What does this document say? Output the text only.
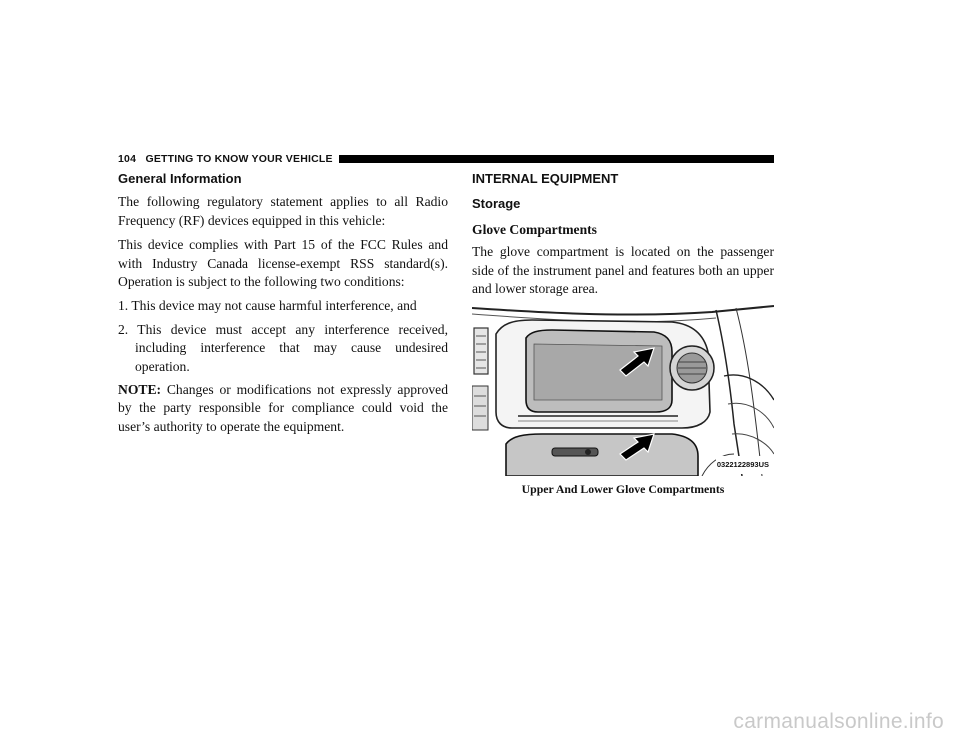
104 GETTING TO KNOW YOUR VEHICLE
General Information

The following regulatory statement applies to all Radio Frequency (RF) devices equipped in this vehicle:

This device complies with Part 15 of the FCC Rules and with Industry Canada license-exempt RSS standard(s). Operation is subject to the following two conditions:

1. This device may not cause harmful interference, and

2. This device must accept any interference received, including interference that may cause undesired operation.

NOTE: Changes or modifications not expressly approved by the party responsible for compliance could void the user’s authority to operate the equipment.

INTERNAL EQUIPMENT
Storage
Glove Compartments

The glove compartment is located on the passenger side of the instrument panel and features both an upper and lower storage area.

0322122893US
Upper And Lower Glove Compartments
carmanualsonline.info
